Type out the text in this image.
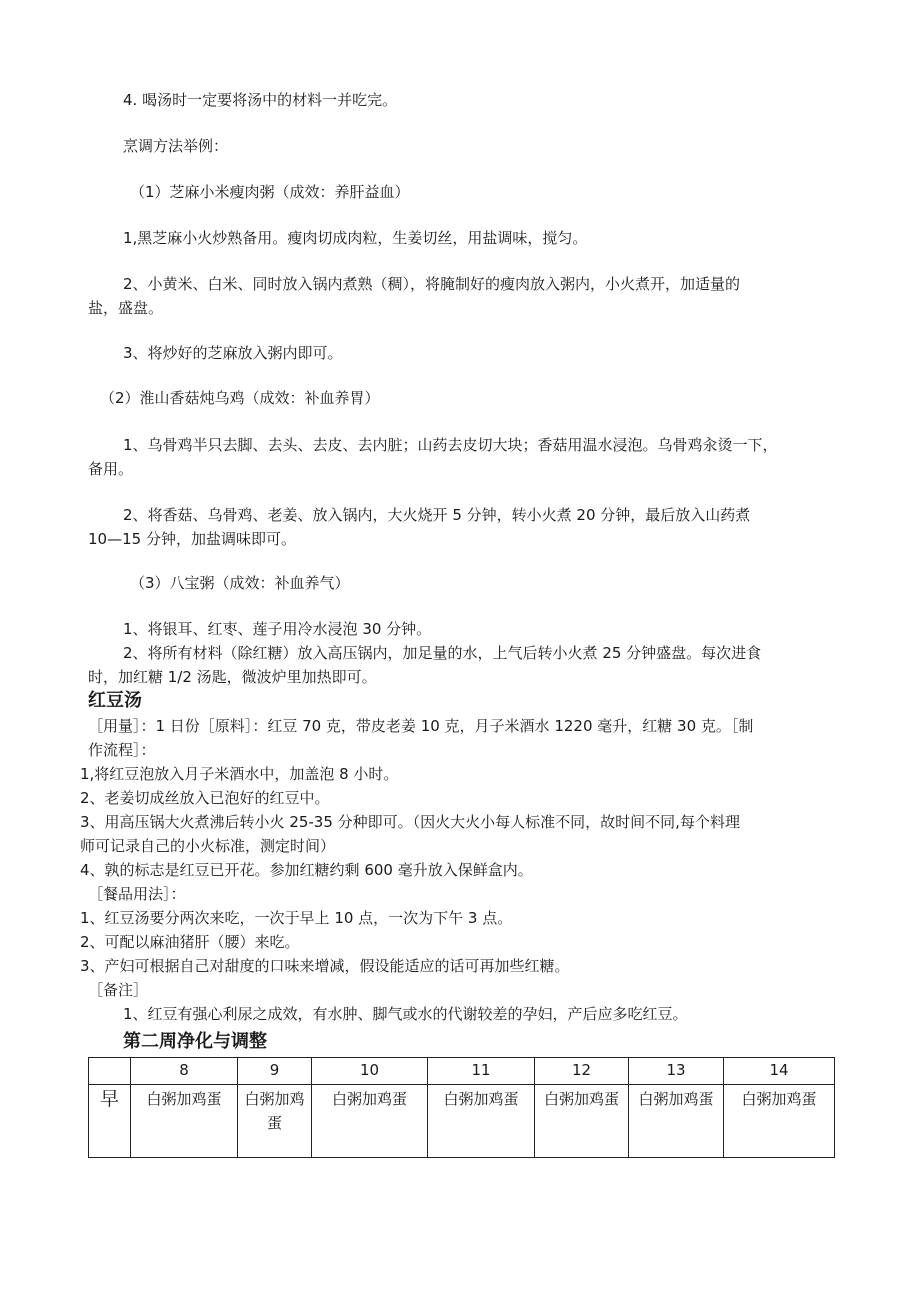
4. 喝汤时一定要将汤中的材料一并吃完。
烹调方法举例：
（1）芝麻小米瘦肉粥（成效：养肝益血）
1,黑芝麻小火炒熟备用。瘦肉切成肉粒，生姜切丝，用盐调味，搅匀。
2、小黄米、白米、同时放入锅内煮熟（稠），将腌制好的瘦肉放入粥内，小火煮开，加适量的
盐，盛盘。
3、将炒好的芝麻放入粥内即可。
（2）淮山香菇炖乌鸡（成效：补血养胃）
1、乌骨鸡半只去脚、去头、去皮、去内脏；山药去皮切大块；香菇用温水浸泡。乌骨鸡汆烫一下，
备用。
2、将香菇、乌骨鸡、老姜、放入锅内，大火烧开 5 分钟，转小火煮 20 分钟，最后放入山药煮
10—15 分钟，加盐调味即可。
（3）八宝粥（成效：补血养气）
1、将银耳、红枣、莲子用冷水浸泡 30 分钟。
2、将所有材料（除红糖）放入高压锅内，加足量的水，上气后转小火煮 25 分钟盛盘。每次进食
时，加红糖 1/2 汤匙，微波炉里加热即可。
红豆汤
［用量］：1 日份［原料］：红豆 70 克，带皮老姜 10 克，月子米酒水 1220 毫升，红糖 30 克。［制
作流程］：
1,将红豆泡放入月子米酒水中，加盖泡 8 小时。
2、老姜切成丝放入已泡好的红豆中。
3、用高压锅大火煮沸后转小火 25-35 分种即可。（因火大火小每人标准不同，故时间不同,每个料理
师可记录自己的小火标准，测定时间）
4、孰的标志是红豆已开花。参加红糖约剩 600 毫升放入保鲜盒内。
［餐品用法］：
1、红豆汤要分两次来吃，一次于早上 10 点，一次为下午 3 点。
2、可配以麻油猪肝（腰）来吃。
3、产妇可根据自己对甜度的口味来增减，假设能适应的话可再加些红糖。
［备注］
1、红豆有强心利尿之成效，有水肿、脚气或水的代谢较差的孕妇，产后应多吃红豆。
第二周净化与调整
	8	9	10	11	12	13	14
早	白粥加鸡蛋	白粥加鸡蛋	白粥加鸡蛋	白粥加鸡蛋	白粥加鸡蛋	白粥加鸡蛋	白粥加鸡蛋
